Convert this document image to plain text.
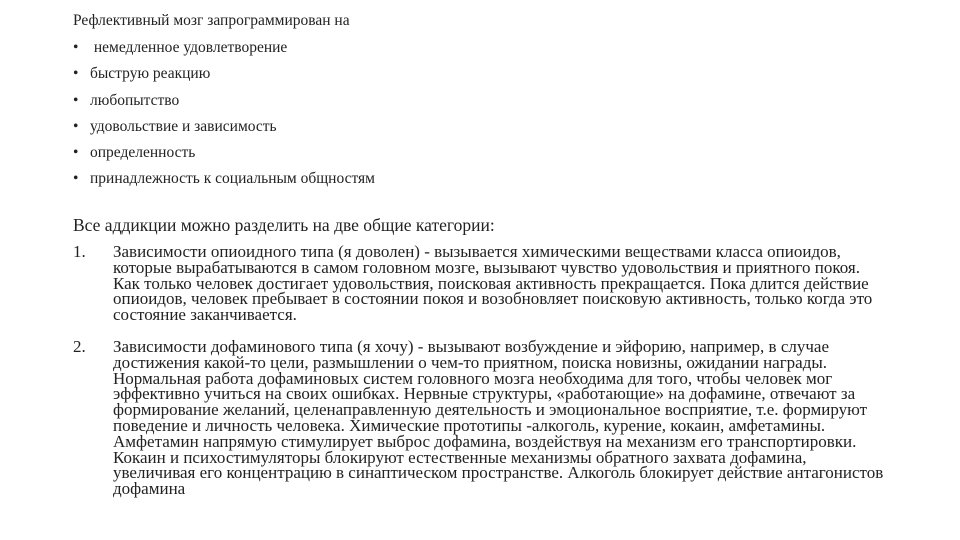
Рефлективный мозг запрограммирован на
• немедленное удовлетворение
• быструю реакцию
• любопытство
• удовольствие и зависимость
• определенность
• принадлежность к социальным общностям
Все аддикции можно разделить на две общие категории:
1. Зависимости опиоидного типа (я доволен) - вызывается химическими веществами класса опиоидов, которые вырабатываются в самом головном мозге, вызывают чувство удовольствия и приятного покоя. Как только человек достигает удовольствия, поисковая активность прекращается. Пока длится действие опиоидов, человек пребывает в состоянии покоя и возобновляет поисковую активность, только когда это состояние заканчивается.
2. Зависимости дофаминового типа (я хочу) - вызывают возбуждение и эйфорию, например, в случае достижения какой-то цели, размышлении о чем-то приятном, поиска новизны, ожидании награды. Нормальная работа дофаминовых систем головного мозга необходима для того, чтобы человек мог эффективно учиться на своих ошибках. Нервные структуры, «работающие» на дофамине, отвечают за формирование желаний, целенаправленную деятельность и эмоциональное восприятие, т.е. формируют поведение и личность человека. Химические прототипы -алкоголь, курение, кокаин, амфетамины. Амфетамин напрямую стимулирует выброс дофамина, воздействуя на механизм его транспортировки. Кокаин и психостимуляторы блокируют естественные механизмы обратного захвата дофамина, увеличивая его концентрацию в синаптическом пространстве. Алкоголь блокирует действие антагонистов дофамина
